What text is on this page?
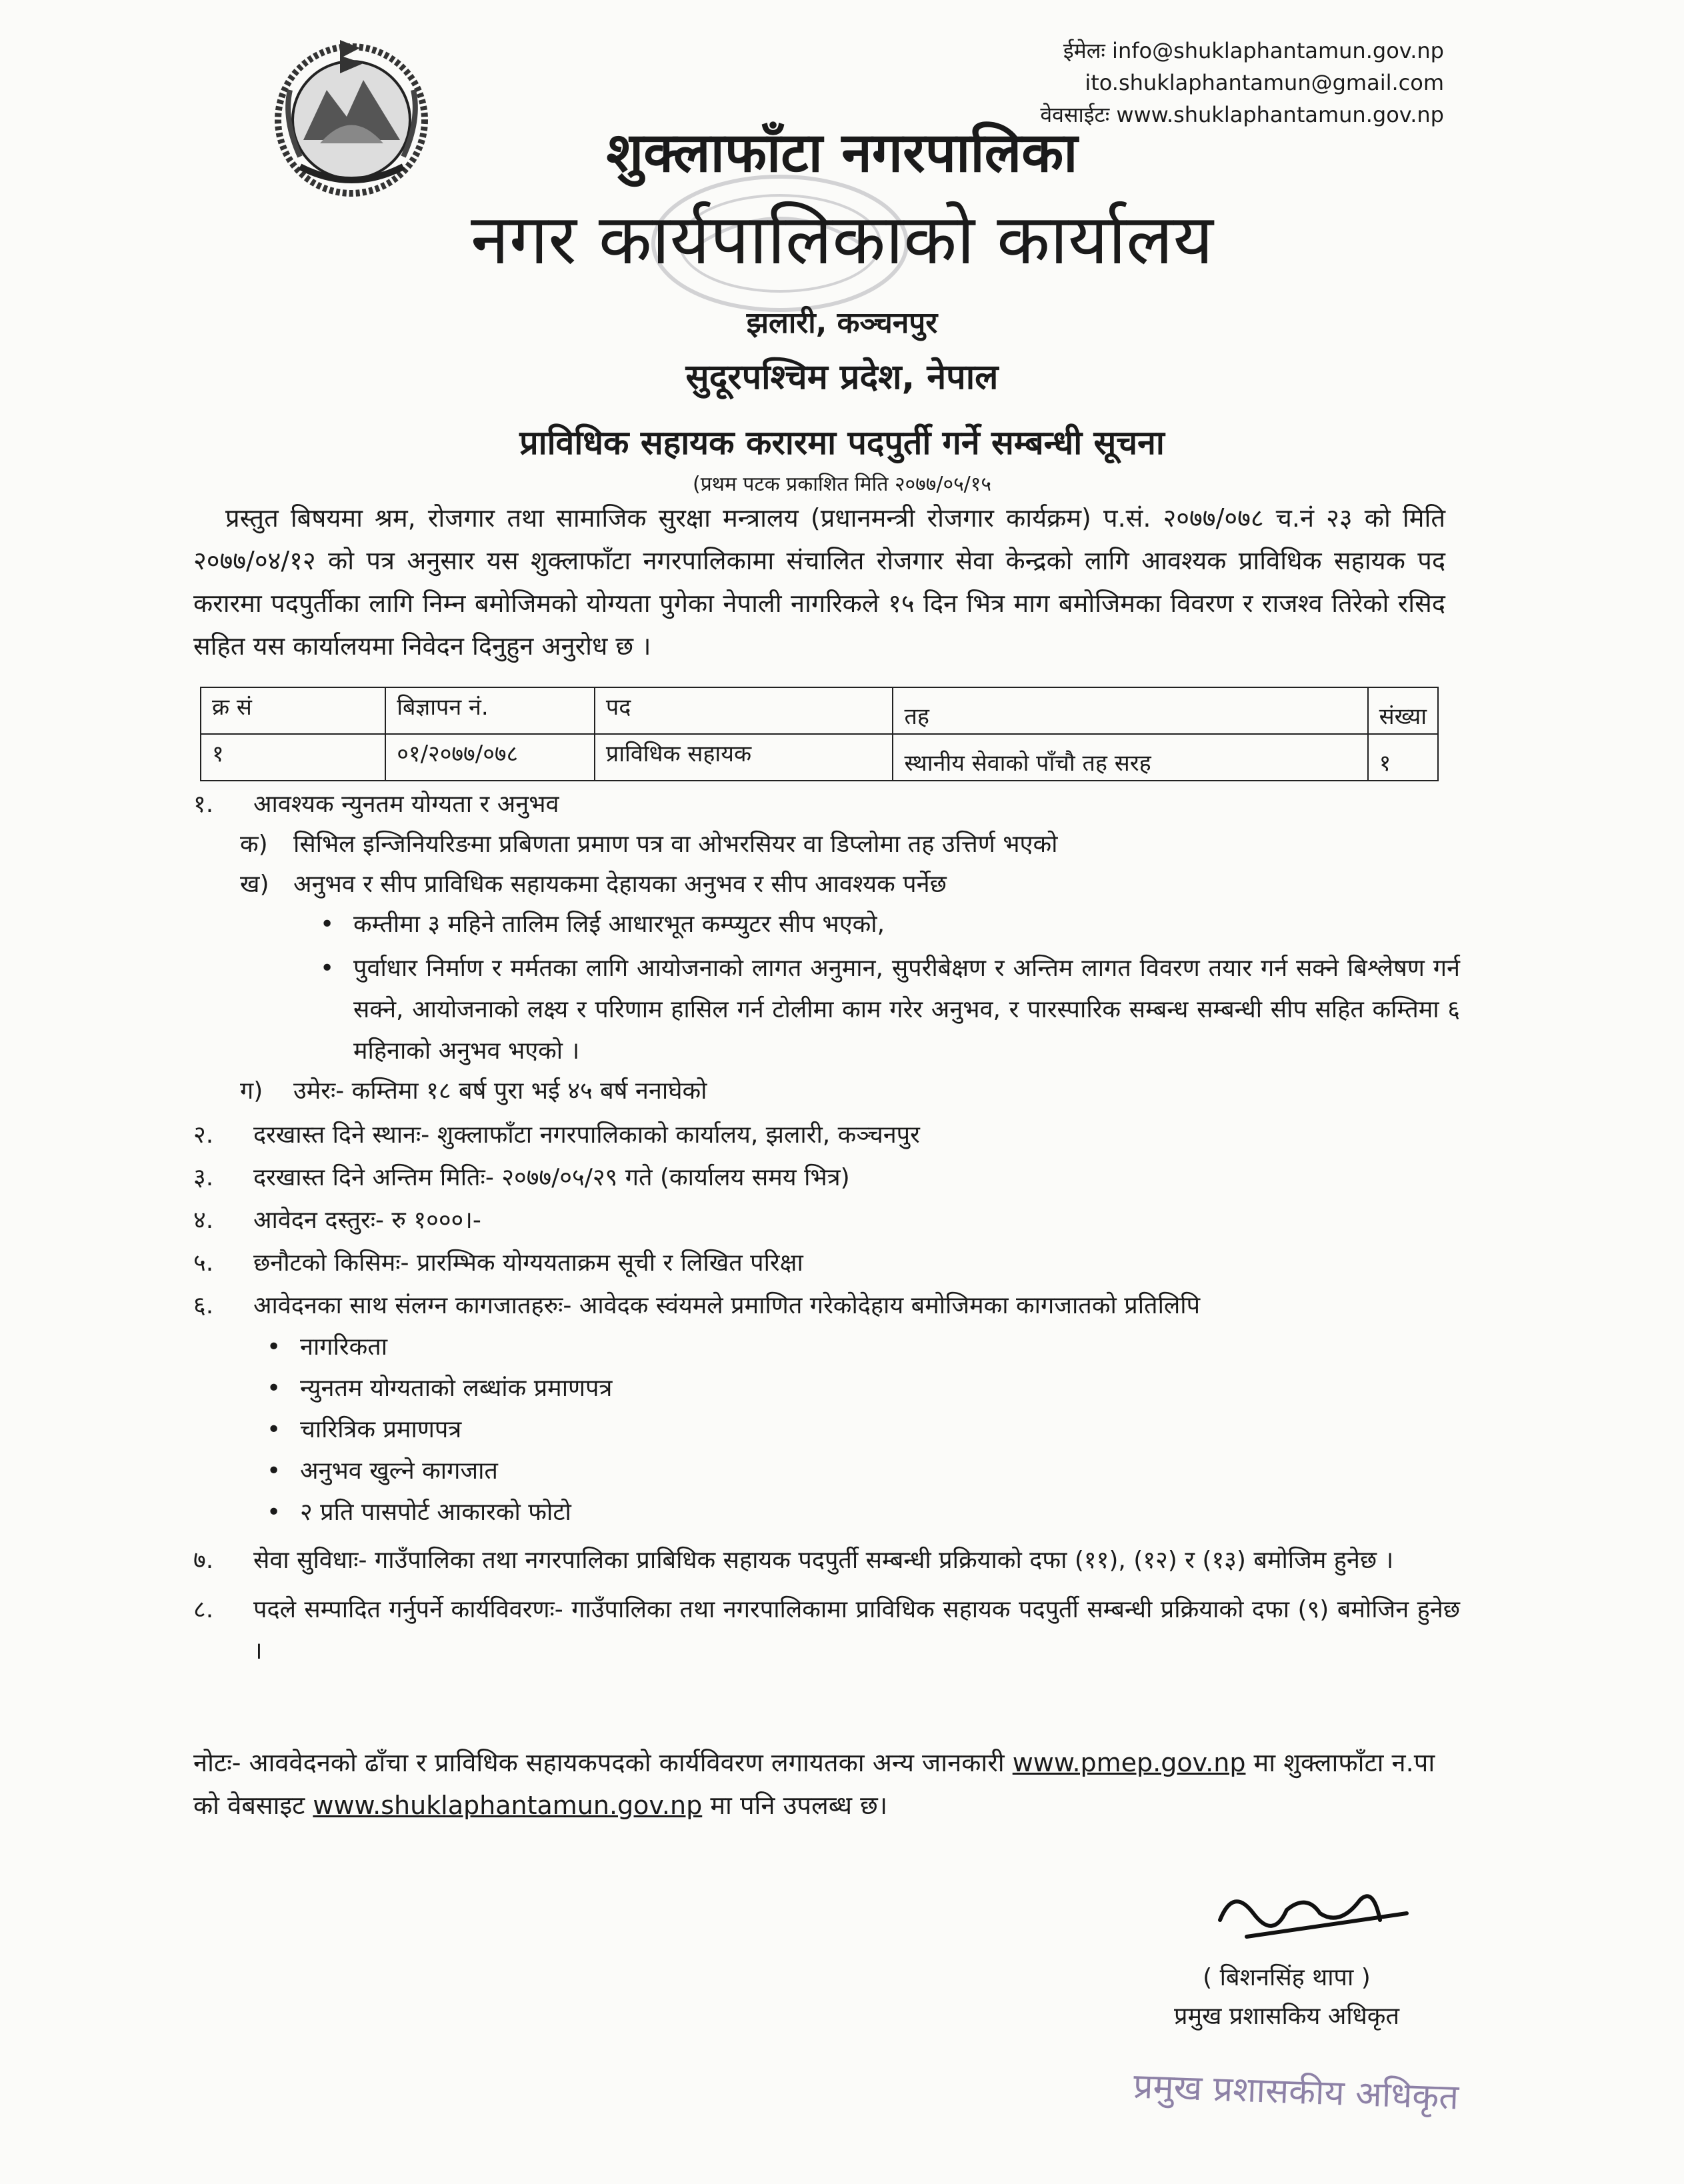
ईमेलः info@shuklaphantamun.gov.np
ito.shuklaphantamun@gmail.com
वेवसाईटः www.shuklaphantamun.gov.np
शुक्लाफाँटा नगरपालिका
नगर कार्यपालिकाको कार्यालय
झलारी, कञ्चनपुर
सुदूरपश्चिम प्रदेश, नेपाल
प्राविधिक सहायक करारमा पदपुर्ती गर्ने सम्बन्धी सूचना
(प्रथम पटक प्रकाशित मिति २०७७/०५/१५
प्रस्तुत बिषयमा श्रम, रोजगार तथा सामाजिक सुरक्षा मन्त्रालय (प्रधानमन्त्री रोजगार कार्यक्रम) प.सं. २०७७/०७८ च.नं २३ को मिति २०७७/०४/१२ को पत्र अनुसार यस शुक्लाफाँटा नगरपालिकामा संचालित रोजगार सेवा केन्द्रको लागि आवश्यक प्राविधिक सहायक पद करारमा पदपुर्तीका लागि निम्न बमोजिमको योग्यता पुगेका नेपाली नागरिकले १५ दिन भित्र माग बमोजिमका विवरण र राजश्व तिरेको रसिद सहित यस कार्यालयमा निवेदन दिनुहुन अनुरोध छ ।
क्र सं	बिज्ञापन नं.	पद	तह	संख्या
१	०१/२०७७/०७८	प्राविधिक सहायक	स्थानीय सेवाको पाँचौ तह सरह	१
१.	आवश्यक न्युनतम योग्यता र अनुभव
क)	सिभिल इन्जिनियरिङमा प्रबिणता प्रमाण पत्र वा ओभरसियर वा डिप्लोमा तह उत्तिर्ण भएको
ख)	अनुभव र सीप प्राविधिक सहायकमा देहायका अनुभव र सीप आवश्यक पर्नेछ
• कम्तीमा ३ महिने तालिम लिई आधारभूत कम्प्युटर सीप भएको,
• पुर्वाधार निर्माण र मर्मतका लागि आयोजनाको लागत अनुमान, सुपरीबेक्षण र अन्तिम लागत विवरण तयार गर्न सक्ने बिश्लेषण गर्न सक्ने, आयोजनाको लक्ष्य र परिणाम हासिल गर्न टोलीमा काम गरेर अनुभव, र पारस्पारिक सम्बन्ध सम्बन्धी सीप सहित कम्तिमा ६ महिनाको अनुभव भएको ।
ग)	उमेरः- कम्तिमा १८ बर्ष पुरा भई ४५ बर्ष ननाघेको
२.	दरखास्त दिने स्थानः- शुक्लाफाँटा नगरपालिकाको कार्यालय, झलारी, कञ्चनपुर
३.	दरखास्त दिने अन्तिम मितिः- २०७७/०५/२९ गते (कार्यालय समय भित्र)
४.	आवेदन दस्तुरः- रु १०००।-
५.	छनौटको किसिमः- प्रारम्भिक योग्ययताक्रम सूची र लिखित परिक्षा
६.	आवेदनका साथ संलग्न कागजातहरुः- आवेदक स्वंयमले प्रमाणित गरेकोदेहाय बमोजिमका कागजातको प्रतिलिपि
• नागरिकता
• न्युनतम योग्यताको लब्धांक प्रमाणपत्र
• चारित्रिक प्रमाणपत्र
• अनुभव खुल्ने कागजात
• २ प्रति पासपोर्ट आकारको फोटो
७.	सेवा सुविधाः- गाउँपालिका तथा नगरपालिका प्राबिधिक सहायक पदपुर्ती सम्बन्धी प्रक्रियाको दफा (११), (१२) र (१३) बमोजिम हुनेछ ।
८.	पदले सम्पादित गर्नुपर्ने कार्यविवरणः- गाउँपालिका तथा नगरपालिकामा प्राविधिक सहायक पदपुर्ती सम्बन्धी प्रक्रियाको दफा (९) बमोजिन हुनेछ ।
नोटः- आववेदनको ढाँचा र प्राविधिक सहायकपदको कार्यविवरण लगायतका अन्य जानकारी www.pmep.gov.np मा शुक्लाफाँटा न.पा को वेबसाइट www.shuklaphantamun.gov.np मा पनि उपलब्ध छ।
( बिशनसिंह थापा )
प्रमुख प्रशासकिय अधिकृत
प्रमुख प्रशासकीय अधिकृत
